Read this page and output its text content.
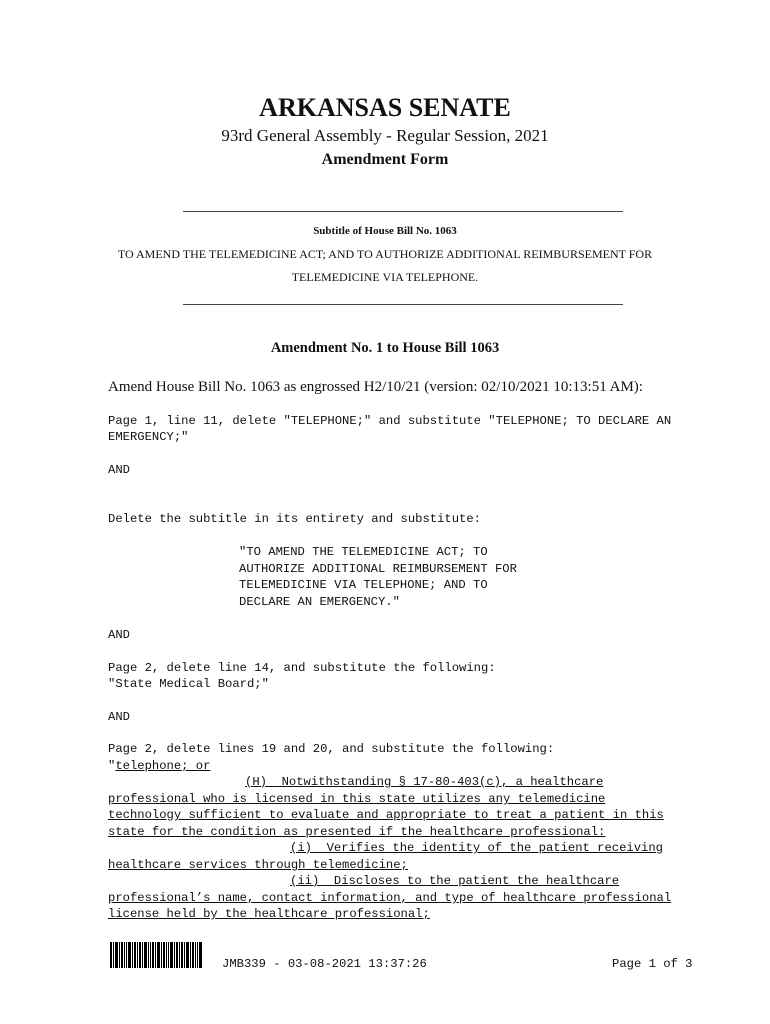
ARKANSAS SENATE
93rd General Assembly - Regular Session, 2021
Amendment Form
Subtitle of House Bill No. 1063
TO AMEND THE TELEMEDICINE ACT; AND TO AUTHORIZE ADDITIONAL REIMBURSEMENT FOR
TELEMEDICINE VIA TELEPHONE.
Amendment No. 1 to House Bill 1063
Amend House Bill No. 1063 as engrossed H2/10/21 (version: 02/10/2021 10:13:51 AM):
Page 1, line 11, delete "TELEPHONE;" and substitute "TELEPHONE; TO DECLARE AN
EMERGENCY;"
AND
Delete the subtitle in its entirety and substitute:
"TO AMEND THE TELEMEDICINE ACT; TO
AUTHORIZE ADDITIONAL REIMBURSEMENT FOR
TELEMEDICINE VIA TELEPHONE; AND TO
DECLARE AN EMERGENCY."
AND
Page 2, delete line 14, and substitute the following:
"State Medical Board;"
AND
Page 2, delete lines 19 and 20, and substitute the following:
"telephone; or
(H)  Notwithstanding § 17-80-403(c), a healthcare
professional who is licensed in this state utilizes any telemedicine
technology sufficient to evaluate and appropriate to treat a patient in this
state for the condition as presented if the healthcare professional:
(i)  Verifies the identity of the patient receiving
healthcare services through telemedicine;
(ii)  Discloses to the patient the healthcare
professional’s name, contact information, and type of healthcare professional
license held by the healthcare professional;
JMB339 - 03-08-2021 13:37:26	Page 1 of 3
